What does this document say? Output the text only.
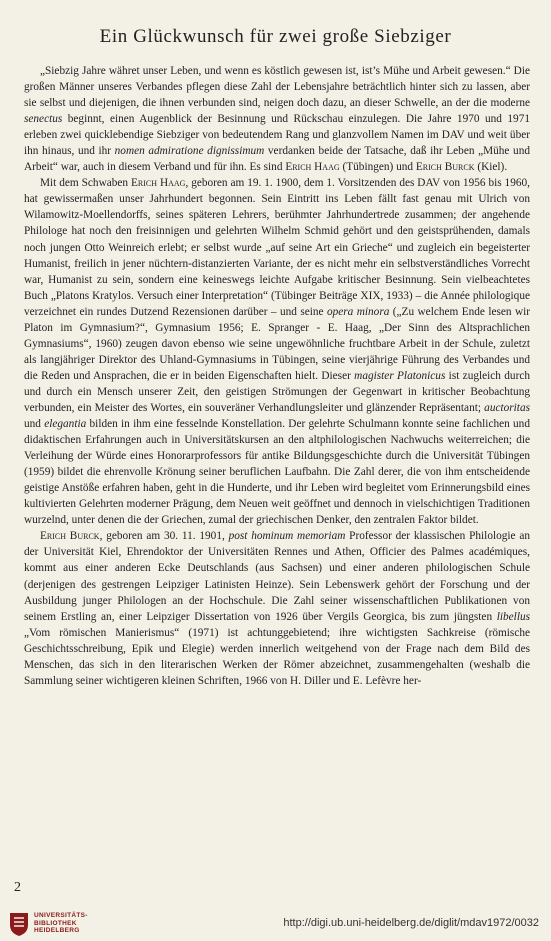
Ein Glückwunsch für zwei große Siebziger

„Siebzig Jahre währet unser Leben, und wenn es köstlich gewesen ist, ist’s Mühe und Arbeit gewesen.“ Die großen Männer unseres Verbandes pflegen diese Zahl der Lebensjahre beträchtlich hinter sich zu lassen, aber sie selbst und diejenigen, die ihnen verbunden sind, neigen doch dazu, an dieser Schwelle, an der die moderne senectus beginnt, einen Augenblick der Besinnung und Rückschau einzulegen. Die Jahre 1970 und 1971 erleben zwei quicklebendige Siebziger von bedeutendem Rang und glanzvollem Namen im DAV und weit über ihn hinaus, und ihr nomen admiratione dignissimum verdanken beide der Tatsache, daß ihr Leben „Mühe und Arbeit“ war, auch in diesem Verband und für ihn. Es sind Erich Haag (Tübingen) und Erich Burck (Kiel).

Mit dem Schwaben Erich Haag, geboren am 19. 1. 1900, dem 1. Vorsitzenden des DAV von 1956 bis 1960, hat gewissermaßen unser Jahrhundert begonnen. Sein Eintritt ins Leben fällt fast genau mit Ulrich von Wilamowitz-Moellendorffs, seines späteren Lehrers, berühmter Jahrhundertrede zusammen; der angehende Philologe hat noch den freisinnigen und gelehrten Wilhelm Schmid gehört und den geistsprühenden, damals noch jungen Otto Weinreich erlebt; er selbst wurde „auf seine Art ein Grieche“ und zugleich ein begeisterter Humanist, freilich in jener nüchtern-distanzierten Variante, der es nicht mehr ein selbstverständliches Vorrecht war, Humanist zu sein, sondern eine keineswegs leichte Aufgabe kritischer Besinnung. Sein vielbeachtetes Buch „Platons Kratylos. Versuch einer Interpretation“ (Tübinger Beiträge XIX, 1933) – die Année philologique verzeichnet ein rundes Dutzend Rezensionen darüber – und seine opera minora („Zu welchem Ende lesen wir Platon im Gymnasium?“, Gymnasium 1956; E. Spranger - E. Haag, „Der Sinn des Altsprachlichen Gymnasiums“, 1960) zeugen davon ebenso wie seine ungewöhnliche fruchtbare Arbeit in der Schule, zuletzt als langjähriger Direktor des Uhland-Gymnasiums in Tübingen, seine vierjährige Führung des Verbandes und die Reden und Ansprachen, die er in beiden Eigenschaften hielt. Dieser magister Platonicus ist zugleich durch und durch ein Mensch unserer Zeit, den geistigen Strömungen der Gegenwart in kritischer Beobachtung verbunden, ein Meister des Wortes, ein souveräner Verhandlungsleiter und glänzender Repräsentant; auctoritas und elegantia bilden in ihm eine fesselnde Konstellation. Der gelehrte Schulmann konnte seine fachlichen und didaktischen Erfahrungen auch in Universitätskursen an den altphilologischen Nachwuchs weiterreichen; die Verleihung der Würde eines Honorarprofessors für antike Bildungsgeschichte durch die Universität Tübingen (1959) bildet die ehrenvolle Krönung seiner beruflichen Laufbahn. Die Zahl derer, die von ihm entscheidende geistige Anstöße erfahren haben, geht in die Hunderte, und ihr Leben wird begleitet vom Erinnerungsbild eines kultivierten Gelehrten moderner Prägung, dem Neuen weit geöffnet und dennoch in vielschichtigen Traditionen wurzelnd, unter denen die der Griechen, zumal der griechischen Denker, den zentralen Faktor bildet.

Erich Burck, geboren am 30. 11. 1901, post hominum memoriam Professor der klassischen Philologie an der Universität Kiel, Ehrendoktor der Universitäten Rennes und Athen, Officier des Palmes académiques, kommt aus einer anderen Ecke Deutschlands (aus Sachsen) und einer anderen philologischen Schule (derjenigen des gestrengen Leipziger Latinisten Heinze). Sein Lebenswerk gehört der Forschung und der Ausbildung junger Philologen an der Hochschule. Die Zahl seiner wissenschaftlichen Publikationen von seinem Erstling an, einer Leipziger Dissertation von 1926 über Vergils Georgica, bis zum jüngsten libellus „Vom römischen Manierismus“ (1971) ist achtunggebietend; ihre wichtigsten Sachkreise (römische Geschichtsschreibung, Epik und Elegie) werden innerlich weitgehend von der Frage nach dem Bild des Menschen, das sich in den literarischen Werken der Römer abzeichnet, zusammengehalten (weshalb die Sammlung seiner wichtigeren kleinen Schriften, 1966 von H. Diller und E. Lefèvre her-

2
UNIVERSITÄTS-
BIBLIOTHEK
HEIDELBERG
http://digi.ub.uni-heidelberg.de/diglit/mdav1972/0032
